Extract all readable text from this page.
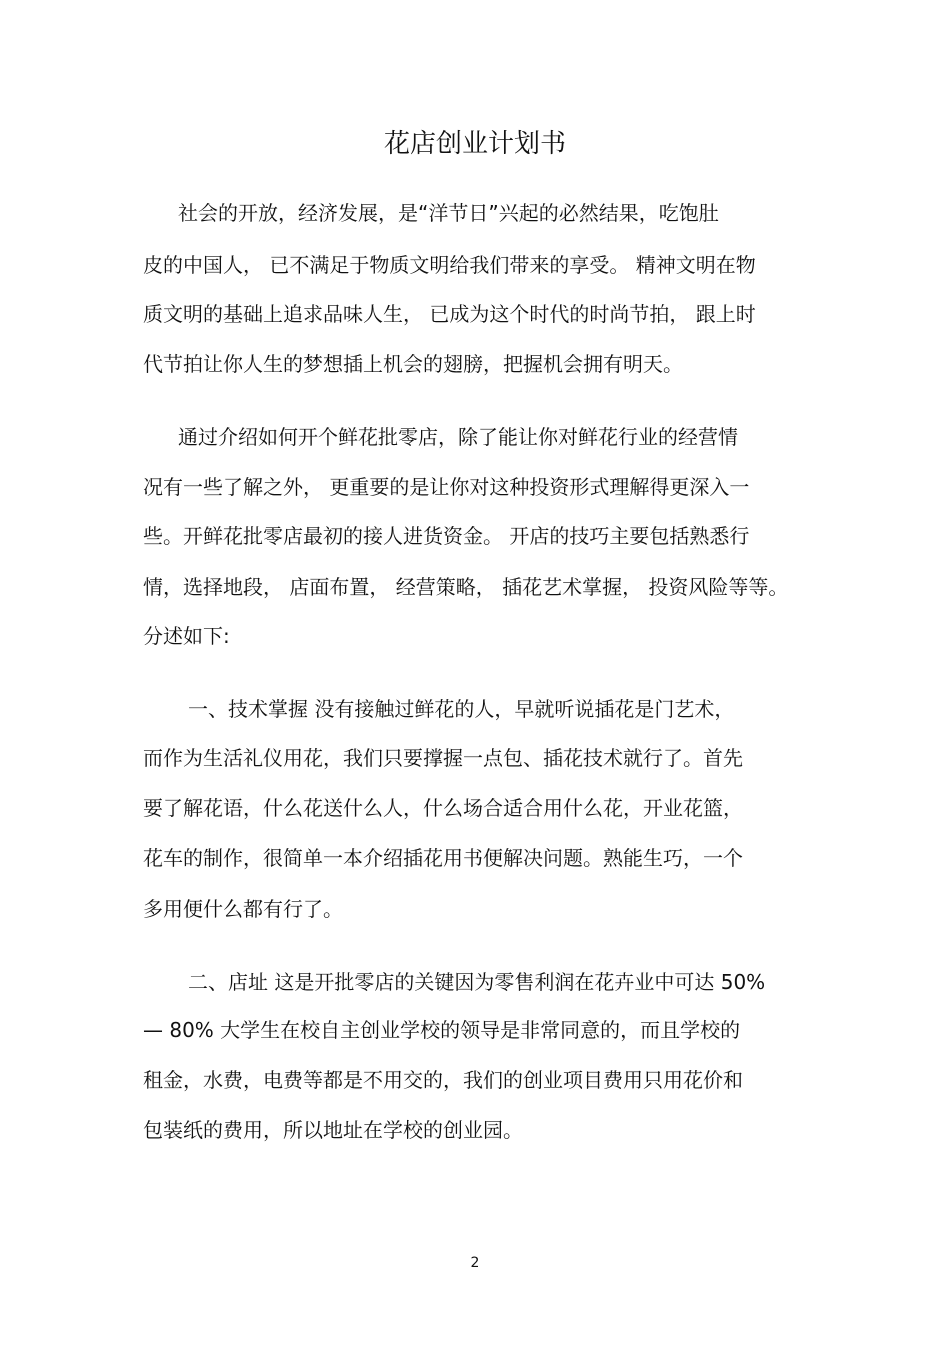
花店创业计划书
社会的开放，经济发展，是“洋节日”兴起的必然结果，吃饱肚
皮的中国人， 已不满足于物质文明给我们带来的享受。 精神文明在物
质文明的基础上追求品味人生， 已成为这个时代的时尚节拍， 跟上时
代节拍让你人生的梦想插上机会的翅膀，把握机会拥有明天。
通过介绍如何开个鲜花批零店，除了能让你对鲜花行业的经营情
况有一些了解之外， 更重要的是让你对这种投资形式理解得更深入一
些。开鲜花批零店最初的接人进货资金。 开店的技巧主要包括熟悉行
情，选择地段， 店面布置， 经营策略， 插花艺术掌握， 投资风险等等。
分述如下:
一、技术掌握 没有接触过鲜花的人，早就听说插花是门艺术，
而作为生活礼仪用花，我们只要撑握一点包、插花技术就行了。首先
要了解花语，什么花送什么人，什么场合适合用什么花，开业花篮，
花车的制作，很简单一本介绍插花用书便解决问题。熟能生巧，一个
多用便什么都有行了。
二、店址 这是开批零店的关键因为零售利润在花卉业中可达 50%
— 80% 大学生在校自主创业学校的领导是非常同意的，而且学校的
租金，水费，电费等都是不用交的，我们的创业项目费用只用花价和
包装纸的费用，所以地址在学校的创业园。
2
